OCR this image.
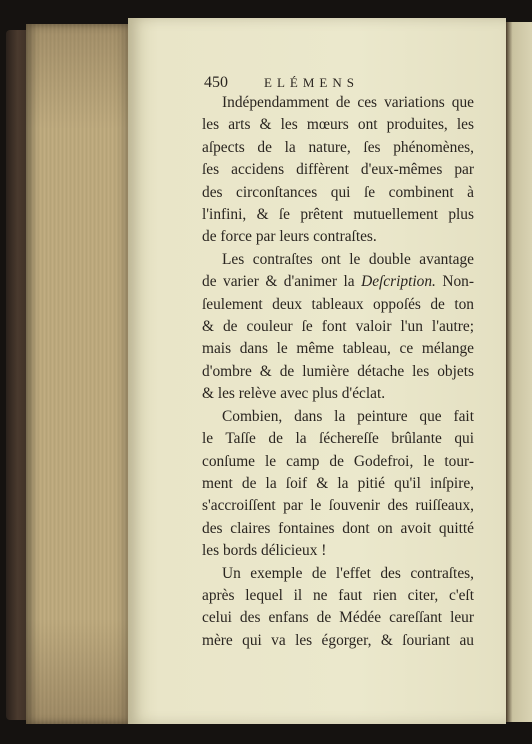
450	ELÉMENS
Indépendamment de ces variations que
les arts & les mœurs ont produites, les
aſpects de la nature, ſes phénomènes,
ſes accidens diffèrent d'eux-mêmes par
des circonſtances qui ſe combinent à
l'infini, & ſe prêtent mutuellement plus
de force par leurs contraſtes.
Les contraſtes ont le double avantage
de varier & d'animer la Deſcription. Non-
ſeulement deux tableaux oppoſés de ton
& de couleur ſe font valoir l'un l'autre;
mais dans le même tableau, ce mélange
d'ombre & de lumière détache les objets
& les relève avec plus d'éclat.
Combien, dans la peinture que fait
le Taſſe de la ſéchereſſe brûlante qui
conſume le camp de Godefroi, le tour-
ment de la ſoif & la pitié qu'il inſpire,
s'accroiſſent par le ſouvenir des ruiſſeaux,
des claires fontaines dont on avoit quitté
les bords délicieux !
Un exemple de l'effet des contraſtes,
après lequel il ne faut rien citer, c'eſt
celui des enfans de Médée careſſant leur
mère qui va les égorger, & ſouriant au
